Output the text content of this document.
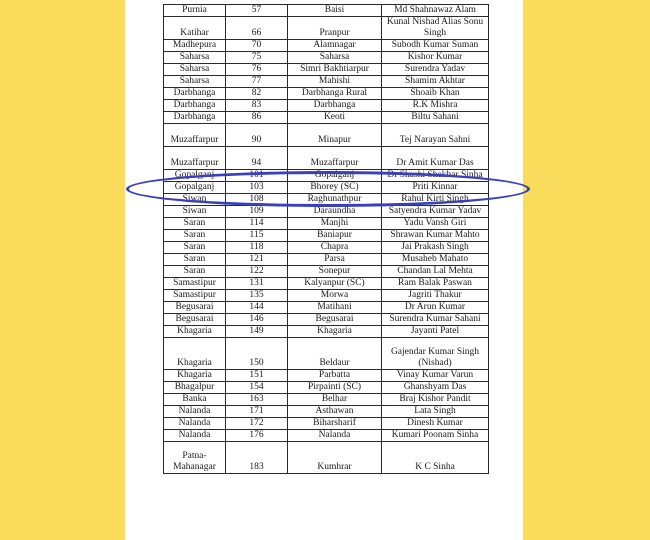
Purnia	57	Baisi	Md Shahnawaz Alam
Katihar	66	Pranpur	Kunal Nishad Alias Sonu Singh
Madhepura	70	Alamnagar	Subodh Kumar Suman
Saharsa	75	Saharsa	Kishor Kumar
Saharsa	76	Simri Bakhtiarpur	Surendra Yadav
Saharsa	77	Mahishi	Shamim Akhtar
Darbhanga	82	Darbhanga Rural	Shoaib Khan
Darbhanga	83	Darbhanga	R.K Mishra
Darbhanga	86	Keoti	Biltu Sahani
Muzaffarpur	90	Minapur	Tej Narayan Sahni
Muzaffarpur	94	Muzaffarpur	Dr Amit Kumar Das
Gopalganj	101	Gopalganj	Dr Shashi Shekhar Sinha
Gopalganj	103	Bhorey (SC)	Priti Kinnar
Siwan	108	Raghunathpur	Rahul Kirti Singh
Siwan	109	Daraundha	Satyendra Kumar Yadav
Saran	114	Manjhi	Yadu Vansh Giri
Saran	115	Baniapur	Shrawan Kumar Mahto
Saran	118	Chapra	Jai Prakash Singh
Saran	121	Parsa	Musaheb Mahato
Saran	122	Sonepur	Chandan Lal Mehta
Samastipur	131	Kalyanpur (SC)	Ram Balak Paswan
Samastipur	135	Morwa	Jagriti Thakur
Begusarai	144	Matihani	Dr Arun Kumar
Begusarai	146	Begusarai	Surendra Kumar Sahani
Khagaria	149	Khagaria	Jayanti Patel
Khagaria	150	Beldaur	Gajendar Kumar Singh (Nishad)
Khagaria	151	Parbatta	Vinay Kumar Varun
Bhagalpur	154	Pirpainti (SC)	Ghanshyam Das
Banka	163	Belhar	Braj Kishor Pandit
Nalanda	171	Asthawan	Lata Singh
Nalanda	172	Biharsharif	Dinesh Kumar
Nalanda	176	Nalanda	Kumari Poonam Sinha
Patna-Mahanagar	183	Kumhrar	K C Sinha
